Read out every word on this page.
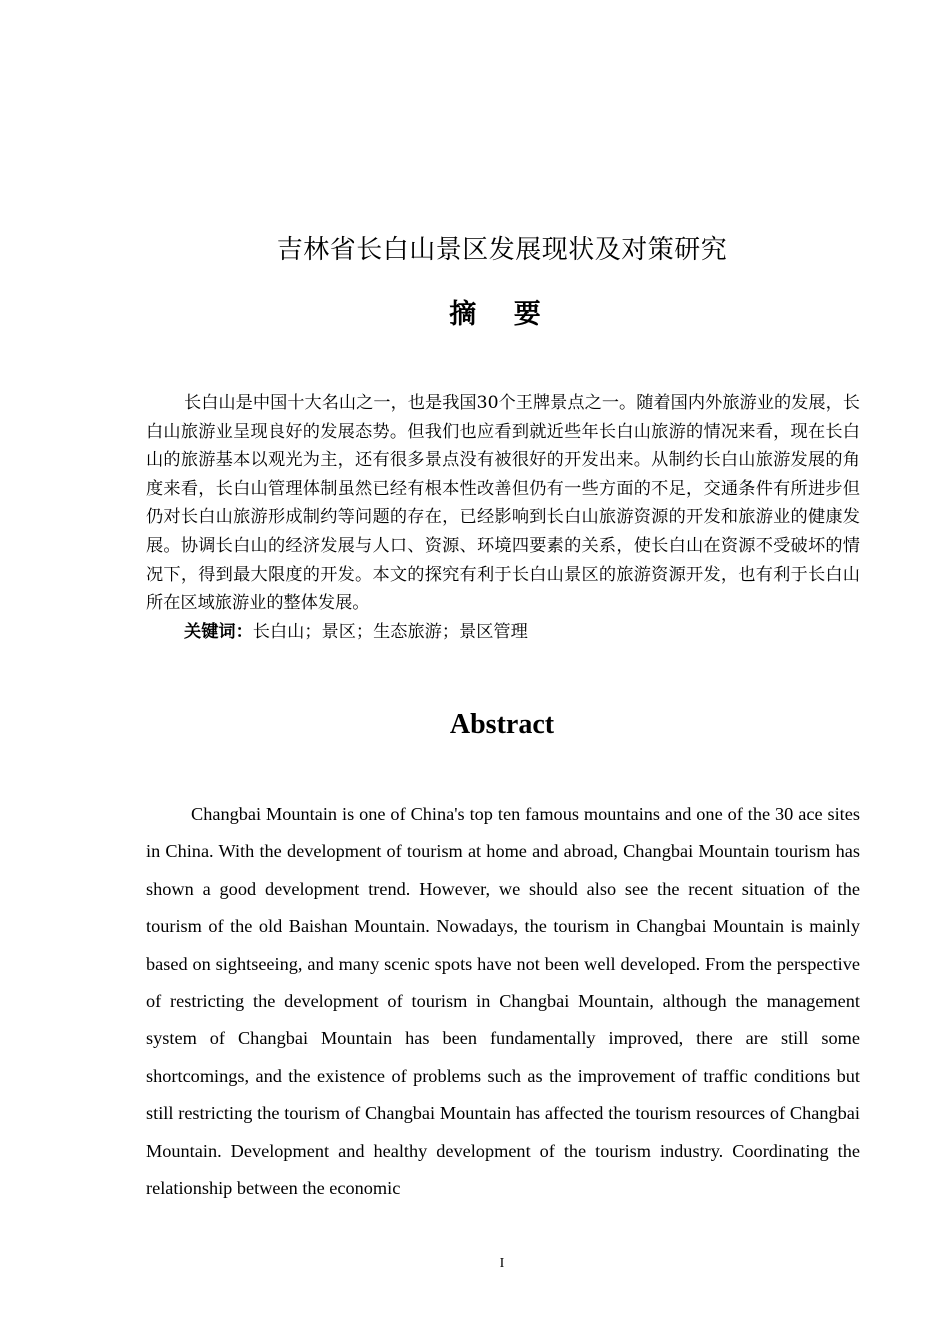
吉林省长白山景区发展现状及对策研究
摘 要

长白山是中国十大名山之一，也是我国30个王牌景点之一。随着国内外旅游业的发展，长白山旅游业呈现良好的发展态势。但我们也应看到就近些年长白山旅游的情况来看，现在长白山的旅游基本以观光为主，还有很多景点没有被很好的开发出来。从制约长白山旅游发展的角度来看，长白山管理体制虽然已经有根本性改善但仍有一些方面的不足，交通条件有所进步但仍对长白山旅游形成制约等问题的存在，已经影响到长白山旅游资源的开发和旅游业的健康发展。协调长白山的经济发展与人口、资源、环境四要素的关系，使长白山在资源不受破坏的情况下，得到最大限度的开发。本文的探究有利于长白山景区的旅游资源开发，也有利于长白山所在区域旅游业的整体发展。

关键词：长白山；景区；生态旅游；景区管理
Abstract

Changbai Mountain is one of China's top ten famous mountains and one of the 30 ace sites in China. With the development of tourism at home and abroad, Changbai Mountain tourism has shown a good development trend. However, we should also see the recent situation of the tourism of the old Baishan Mountain. Nowadays, the tourism in Changbai Mountain is mainly based on sightseeing, and many scenic spots have not been well developed. From the perspective of restricting the development of tourism in Changbai Mountain, although the management system of Changbai Mountain has been fundamentally improved, there are still some shortcomings, and the existence of problems such as the improvement of traffic conditions but still restricting the tourism of Changbai Mountain has affected the tourism resources of Changbai Mountain. Development and healthy development of the tourism industry. Coordinating the relationship between the economic

I
